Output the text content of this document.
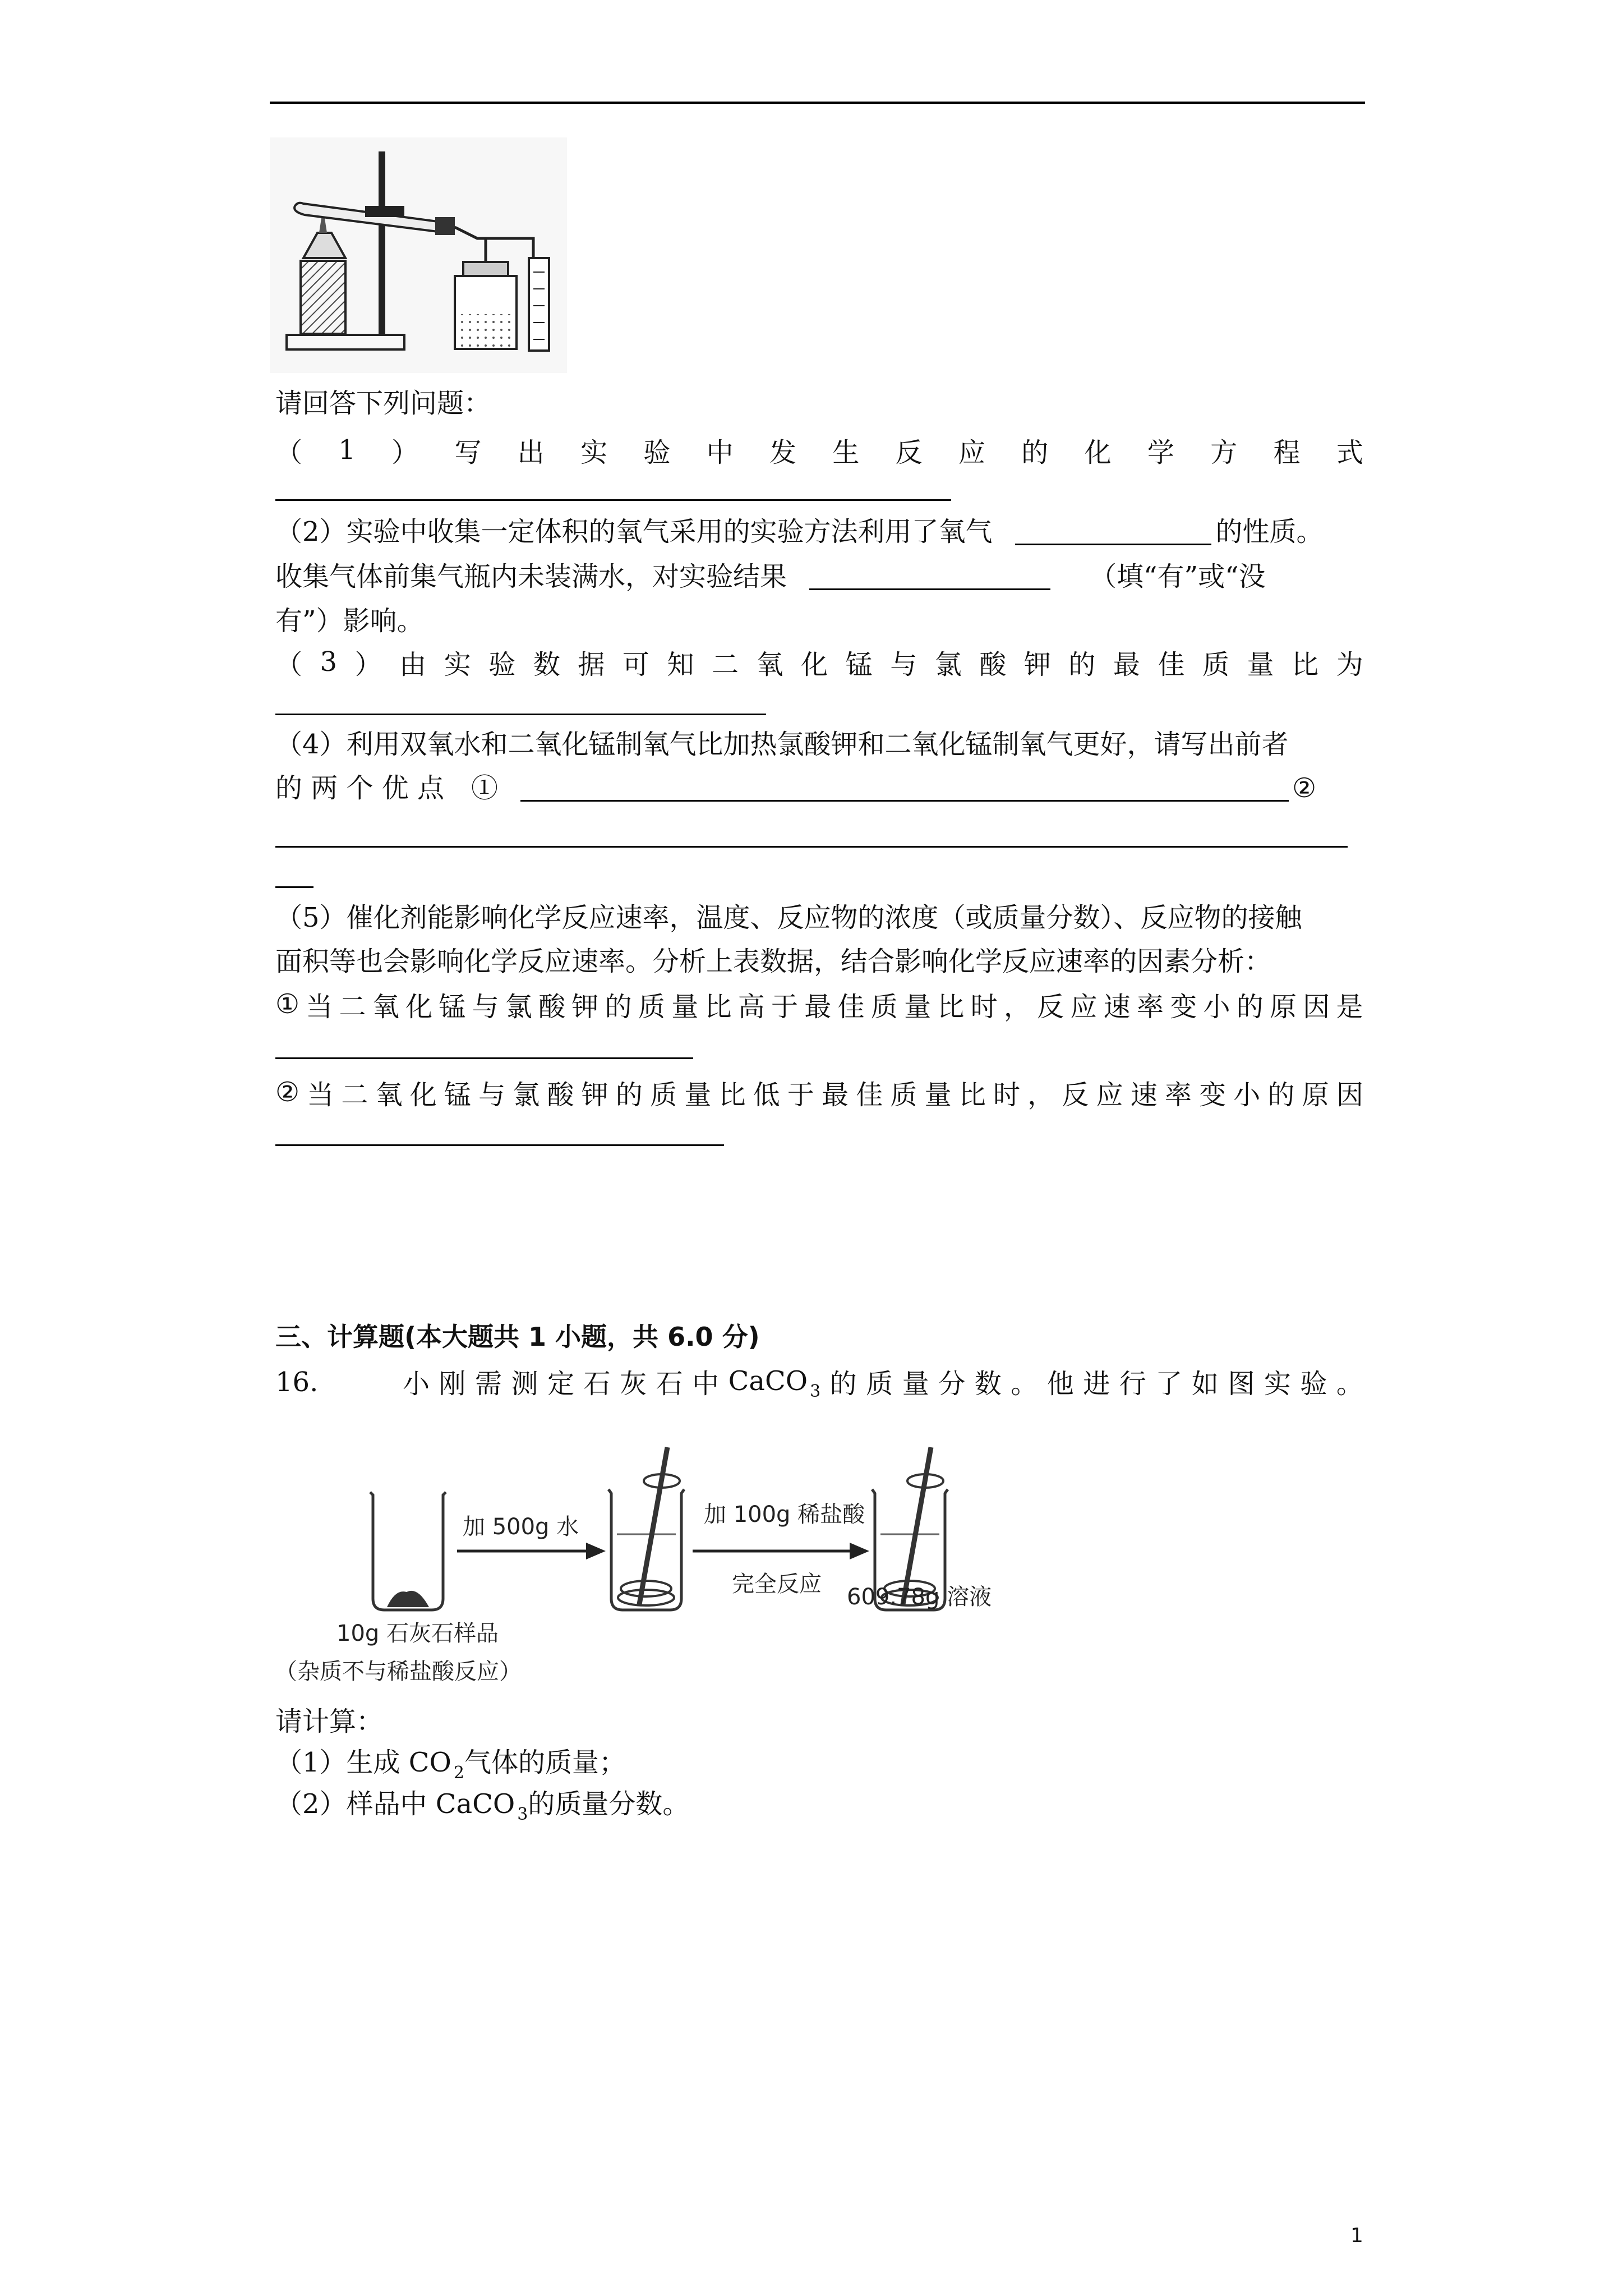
请回答下列问题：
（ 1 ） 写 出 实 验 中 发 生 反 应 的 化 学 方 程 式
（2）实验中收集一定体积的氧气采用的实验方法利用了氧气	的性质。
收集气体前集气瓶内未装满水，对实验结果	（填“有”或“没
有”）影响。
（ 3 ） 由 实 验 数 据 可 知 二 氧 化 锰 与 氯 酸 钾 的 最 佳 质 量 比 为
（4）利用双氧水和二氧化锰制氧气比加热氯酸钾和二氧化锰制氧气更好，请写出前者
的 两 个 优 点　①	②
（5）催化剂能影响化学反应速率，温度、反应物的浓度（或质量分数）、反应物的接触
面积等也会影响化学反应速率。分析上表数据，结合影响化学反应速率的因素分析：
① 当 二 氧 化 锰 与 氯 酸 钾 的 质 量 比 高 于 最 佳 质 量 比 时 ， 反 应 速 率 变 小 的 原 因 是
② 当 二 氧 化 锰 与 氯 酸 钾 的 质 量 比 低 于 最 佳 质 量 比 时 ， 反 应 速 率 变 小 的 原 因
三、计算题(本大题共 1 小题，共 6.0 分)
16.	小 刚 需 测 定 石 灰 石 中 CaCO $_3$ 的 质 量 分 数 。 他 进 行 了 如 图 实 验 。
加 500g 水	加 100g 稀盐酸
完全反应
10g 石灰石样品
609.78g 溶液
（杂质不与稀盐酸反应）
请计算：
（1）生成 CO $_2$气体的质量；
（2）样品中 CaCO $_3$的质量分数。
1
